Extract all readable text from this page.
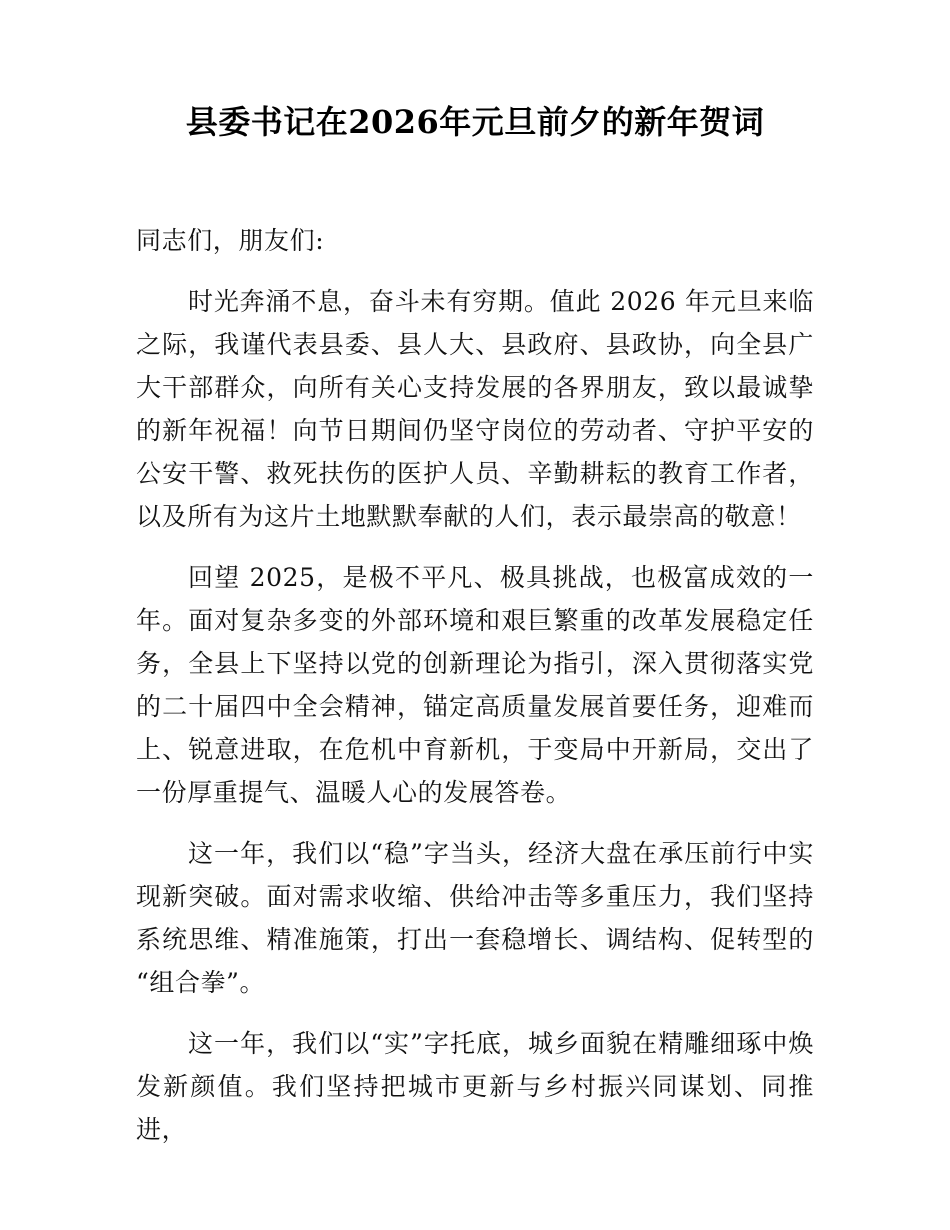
县委书记在2026年元旦前夕的新年贺词

同志们，朋友们:

时光奔涌不息，奋斗未有穷期。值此 2026 年元旦来临之际，我谨代表县委、县人大、县政府、县政协，向全县广大干部群众，向所有关心支持发展的各界朋友，致以最诚挚的新年祝福！向节日期间仍坚守岗位的劳动者、守护平安的公安干警、救死扶伤的医护人员、辛勤耕耘的教育工作者，以及所有为这片土地默默奉献的人们，表示最崇高的敬意！

回望 2025，是极不平凡、极具挑战，也极富成效的一年。面对复杂多变的外部环境和艰巨繁重的改革发展稳定任务，全县上下坚持以党的创新理论为指引，深入贯彻落实党的二十届四中全会精神，锚定高质量发展首要任务，迎难而上、锐意进取，在危机中育新机，于变局中开新局，交出了一份厚重提气、温暖人心的发展答卷。

这一年，我们以“稳”字当头，经济大盘在承压前行中实现新突破。面对需求收缩、供给冲击等多重压力，我们坚持系统思维、精准施策，打出一套稳增长、调结构、促转型的“组合拳”。

这一年，我们以“实”字托底，城乡面貌在精雕细琢中焕发新颜值。我们坚持把城市更新与乡村振兴同谋划、同推进，
